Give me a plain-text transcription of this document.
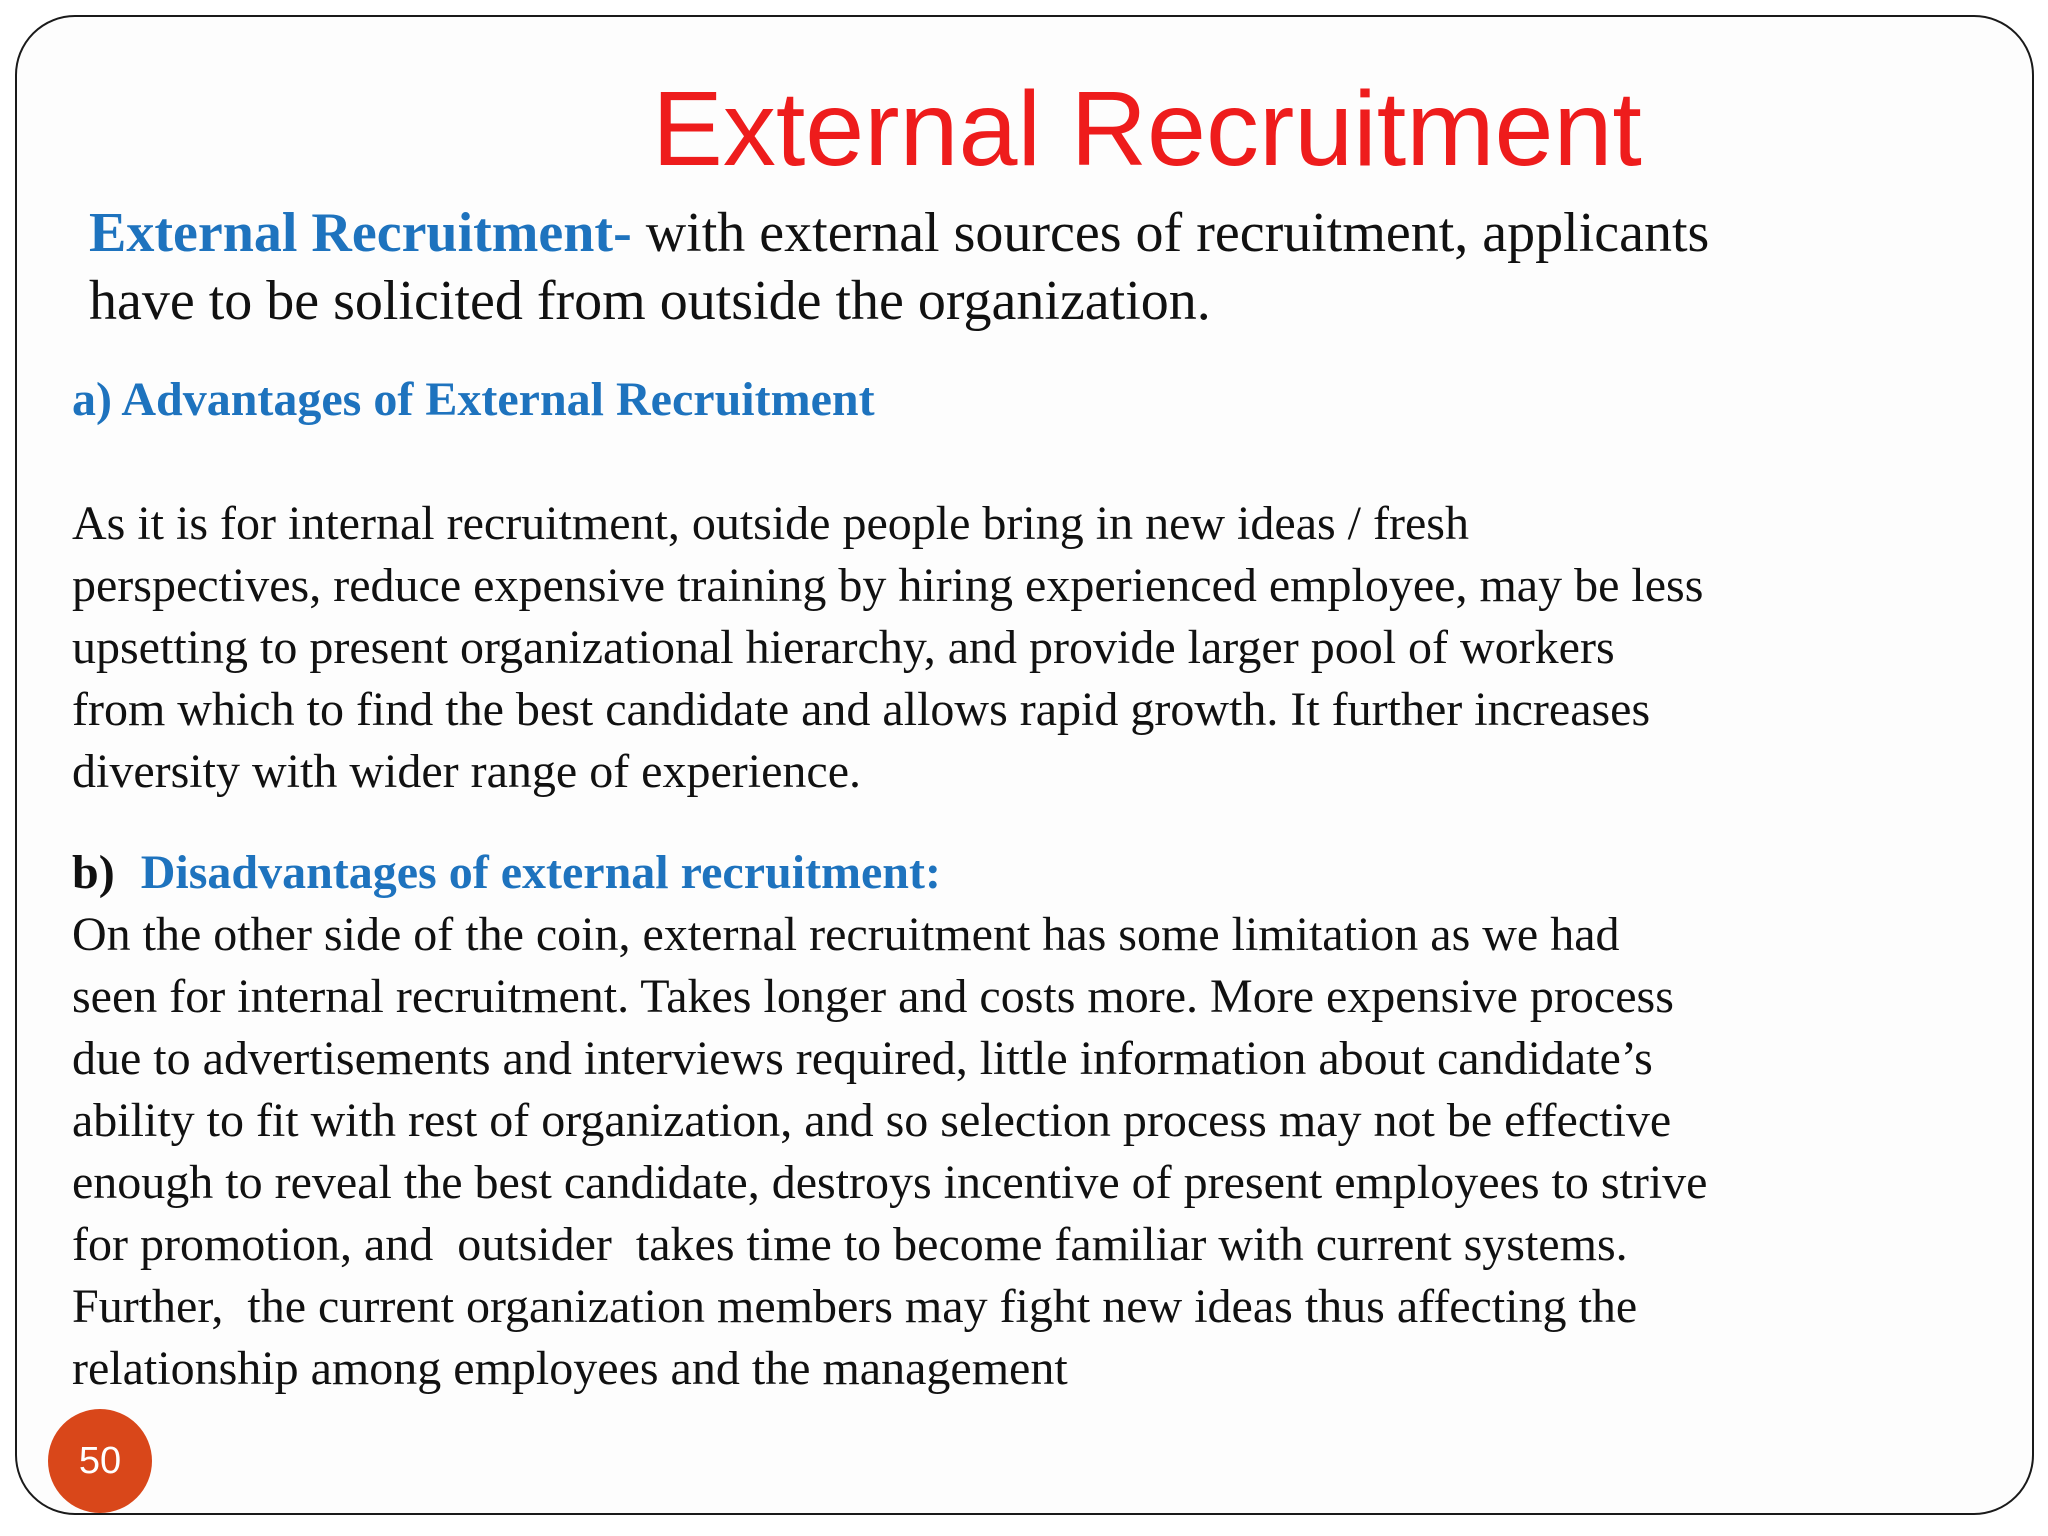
External Recruitment
External Recruitment- with external sources of recruitment, applicants
have to be solicited from outside the organization.
a) Advantages of External Recruitment
As it is for internal recruitment, outside people bring in new ideas / fresh
perspectives, reduce expensive training by hiring experienced employee, may be less
upsetting to present organizational hierarchy, and provide larger pool of workers
from which to find the best candidate and allows rapid growth. It further increases
diversity with wider range of experience.
b) Disadvantages of external recruitment:
On the other side of the coin, external recruitment has some limitation as we had
seen for internal recruitment. Takes longer and costs more. More expensive process
due to advertisements and interviews required, little information about candidate’s
ability to fit with rest of organization, and so selection process may not be effective
enough to reveal the best candidate, destroys incentive of present employees to strive
for promotion, and  outsider  takes time to become familiar with current systems.
Further,  the current organization members may fight new ideas thus affecting the
relationship among employees and the management
50
